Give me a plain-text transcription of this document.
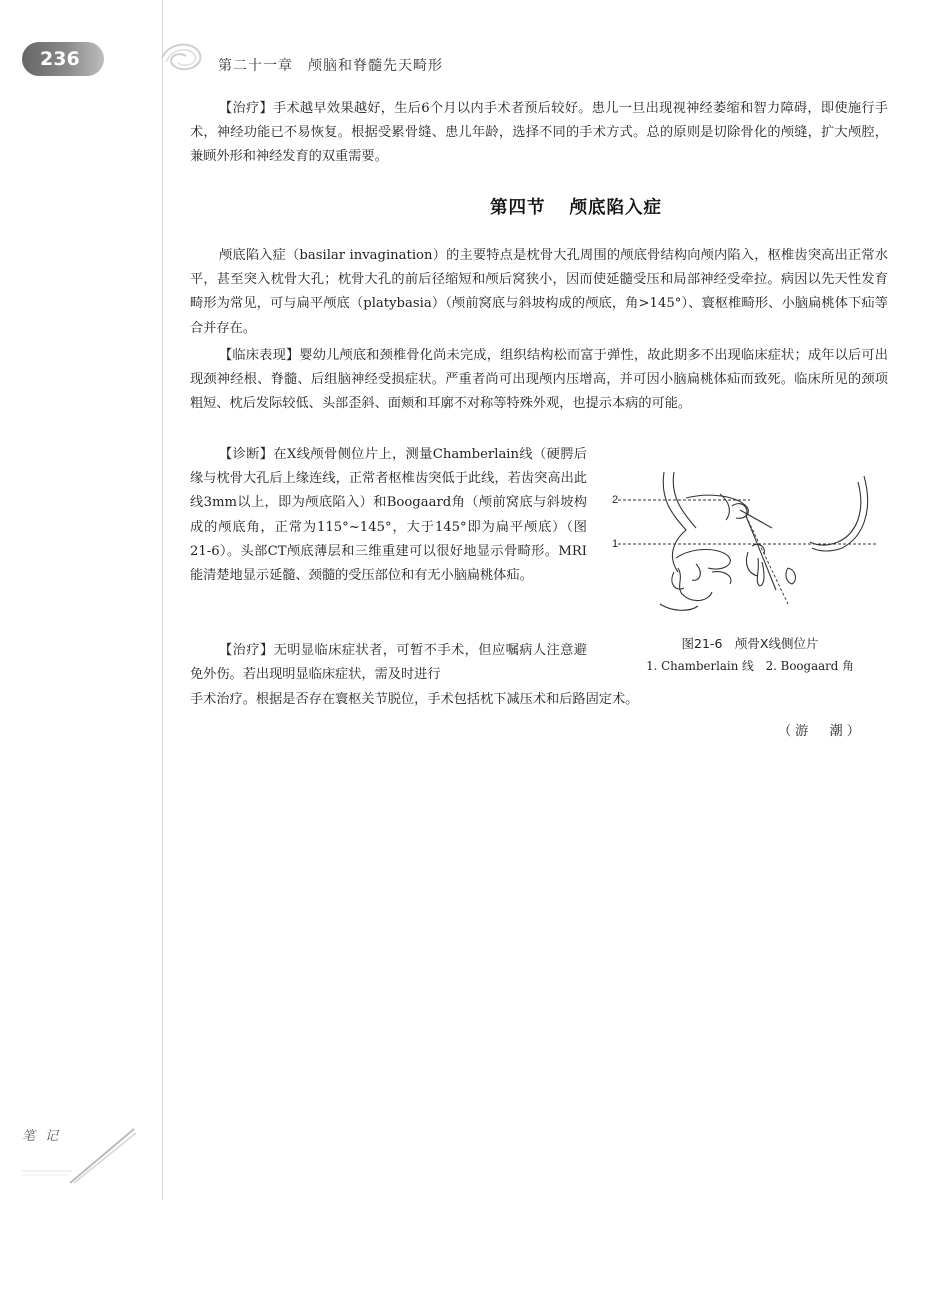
236	第二十一章　颅脑和脊髓先天畸形

【治疗】手术越早效果越好，生后6个月以内手术者预后较好。患儿一旦出现视神经萎缩和智力障碍，即使施行手术，神经功能已不易恢复。根据受累骨缝、患儿年龄，选择不同的手术方式。总的原则是切除骨化的颅缝，扩大颅腔，兼顾外形和神经发育的双重需要。

第四节 颅底陷入症

颅底陷入症（basilar invagination）的主要特点是枕骨大孔周围的颅底骨结构向颅内陷入，枢椎齿突高出正常水平，甚至突入枕骨大孔；枕骨大孔的前后径缩短和颅后窝狭小，因而使延髓受压和局部神经受牵拉。病因以先天性发育畸形为常见，可与扁平颅底（platybasia）（颅前窝底与斜坡构成的颅底，角>145°）、寰枢椎畸形、小脑扁桃体下疝等合并存在。

【临床表现】婴幼儿颅底和颈椎骨化尚未完成，组织结构松而富于弹性，故此期多不出现临床症状；成年以后可出现颈神经根、脊髓、后组脑神经受损症状。严重者尚可出现颅内压增高，并可因小脑扁桃体疝而致死。临床所见的颈项粗短、枕后发际较低、头部歪斜、面颊和耳廓不对称等特殊外观，也提示本病的可能。

【诊断】在X线颅骨侧位片上，测量Chamberlain线（硬腭后缘与枕骨大孔后上缘连线，正常者枢椎齿突低于此线，若齿突高出此线3mm以上，即为颅底陷入）和Boogaard角（颅前窝底与斜坡构成的颅底角，正常为115°~145°，大于145°即为扁平颅底）（图21-6）。头部CT颅底薄层和三维重建可以很好地显示骨畸形。MRI能清楚地显示延髓、颈髓的受压部位和有无小脑扁桃体疝。

【治疗】无明显临床症状者，可暂不手术，但应嘱病人注意避免外伤。若出现明显临床症状，需及时进行

手术治疗。根据是否存在寰枢关节脱位，手术包括枕下减压术和后路固定术。

2
1
图21-6　颅骨X线侧位片
1. Chamberlain 线　2. Boogaard 角
（游　潮）
笔 记
